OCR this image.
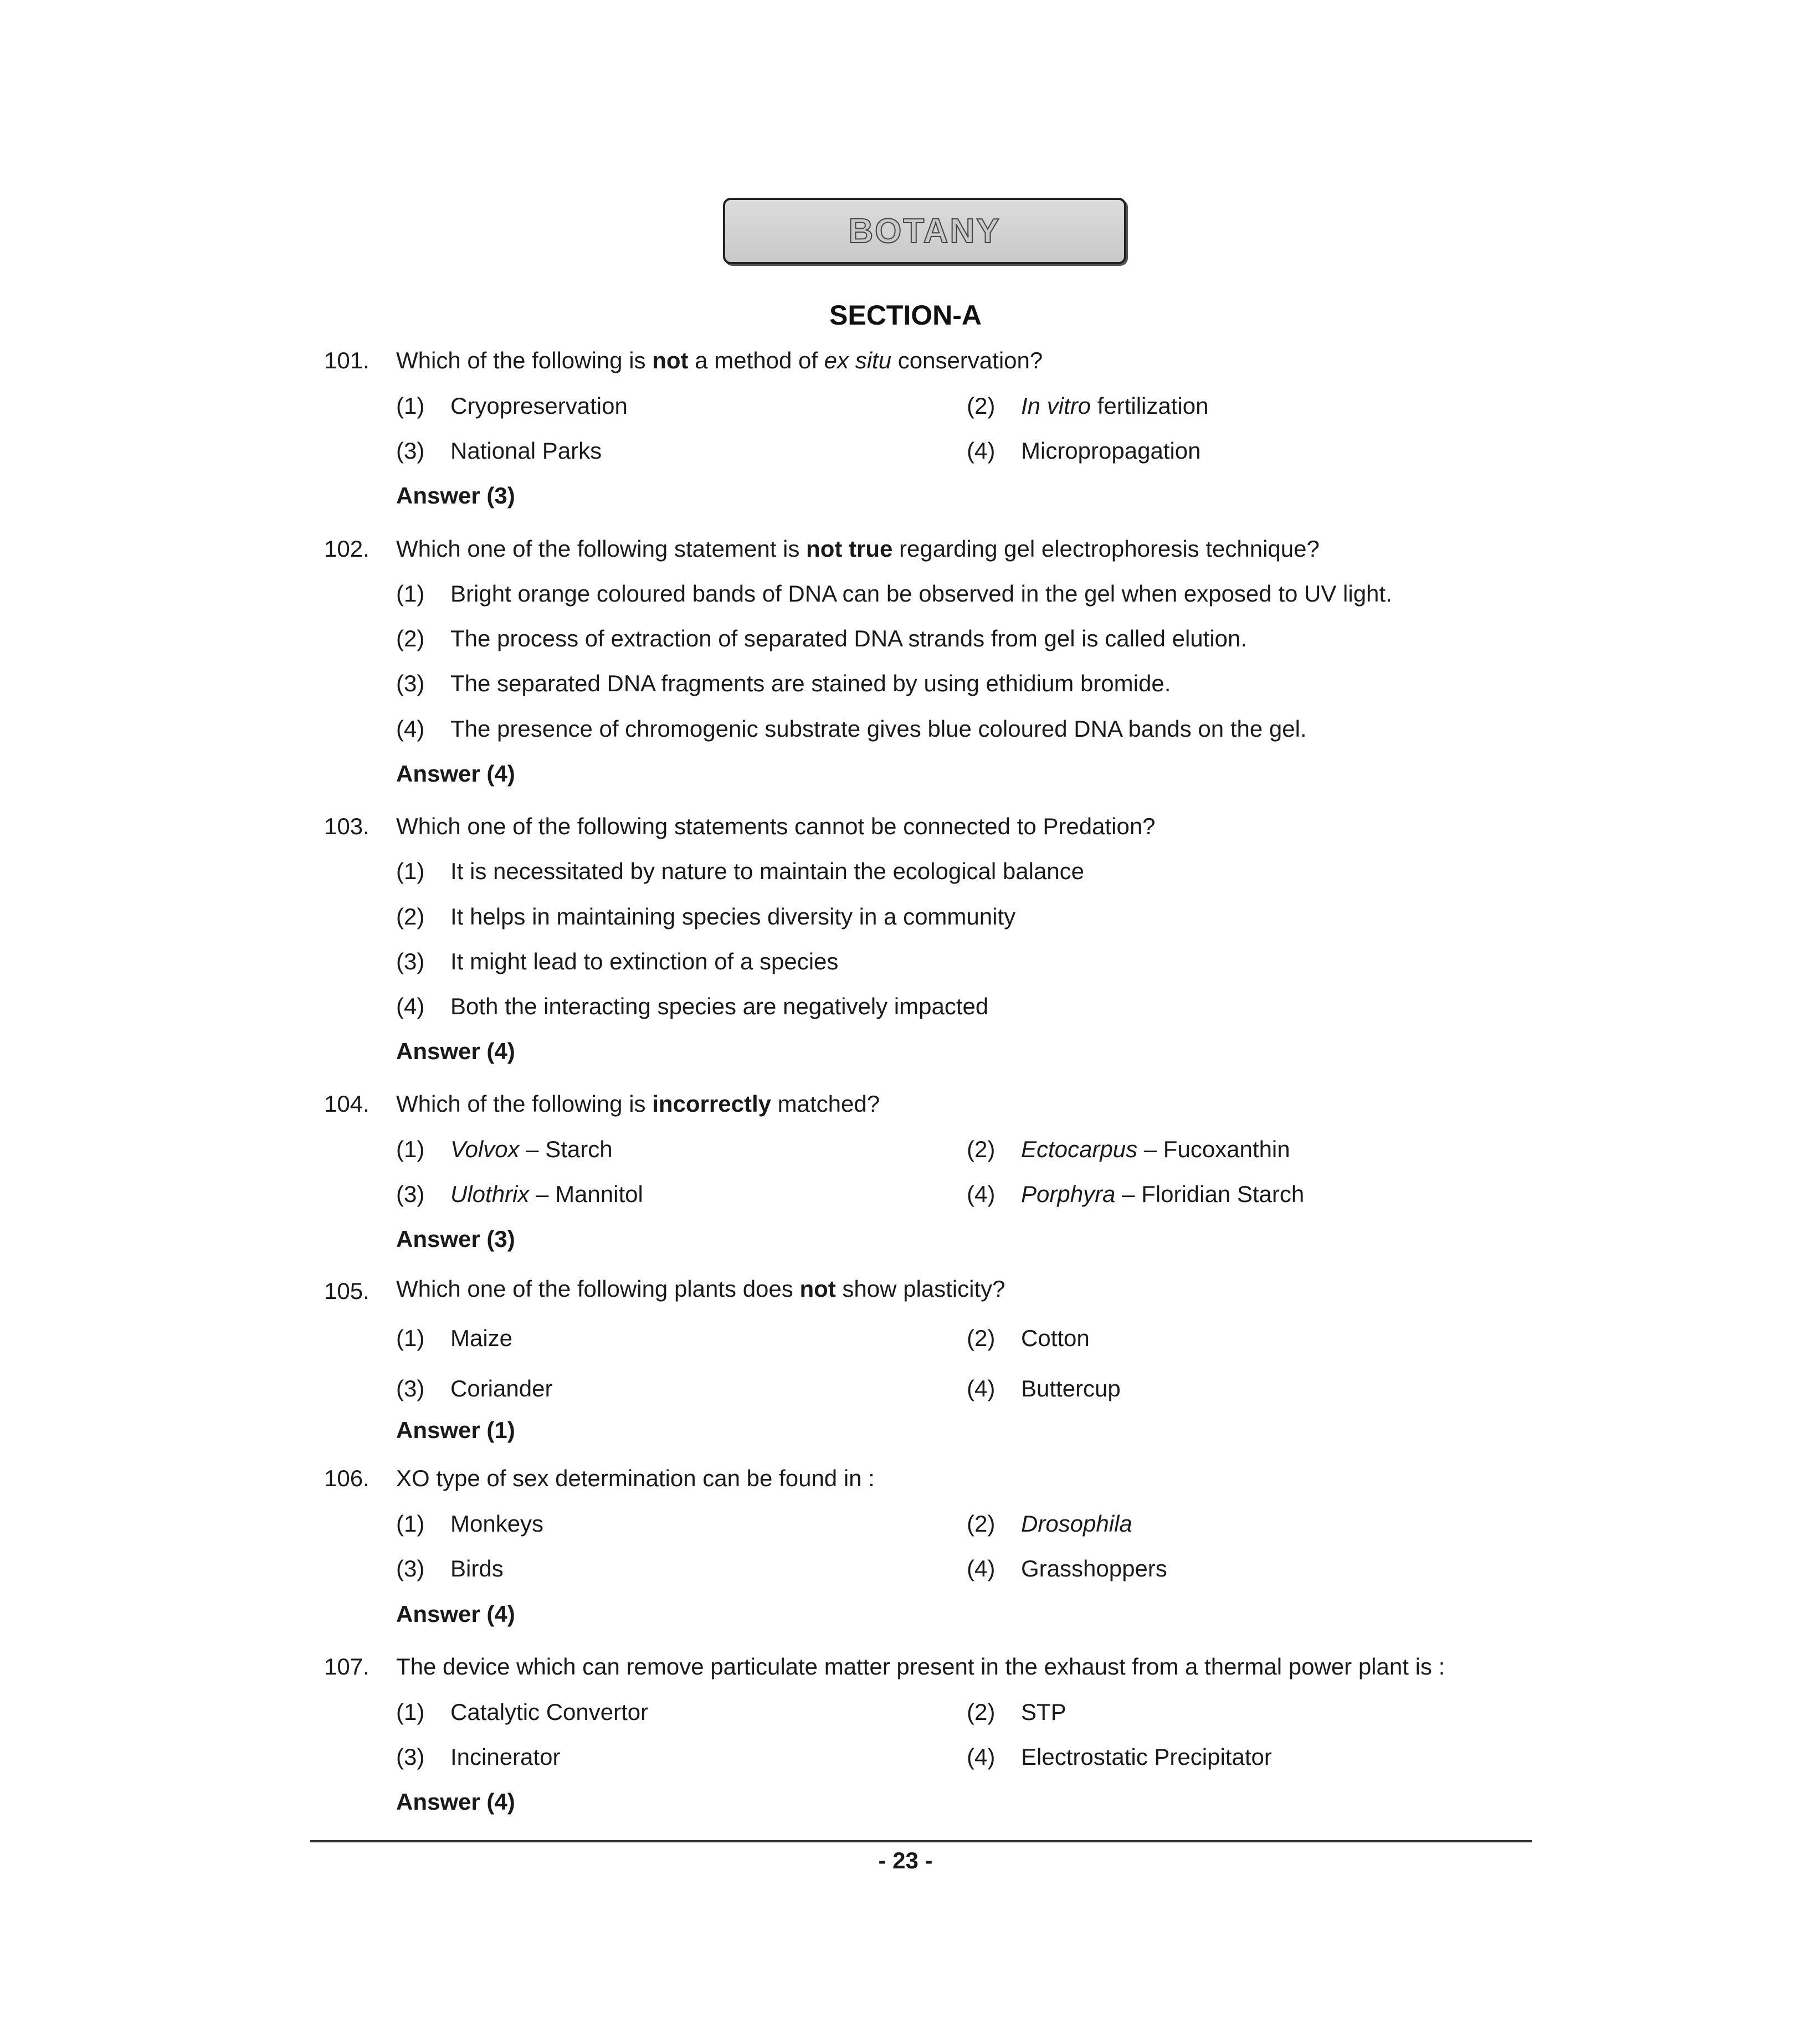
BOTANY
SECTION-A
101. Which of the following is not a method of ex situ conservation?
(1) Cryopreservation	(2) In vitro fertilization
(3) National Parks	(4) Micropropagation
Answer (3)
102. Which one of the following statement is not true regarding gel electrophoresis technique?
(1) Bright orange coloured bands of DNA can be observed in the gel when exposed to UV light.
(2) The process of extraction of separated DNA strands from gel is called elution.
(3) The separated DNA fragments are stained by using ethidium bromide.
(4) The presence of chromogenic substrate gives blue coloured DNA bands on the gel.
Answer (4)
103. Which one of the following statements cannot be connected to Predation?
(1) It is necessitated by nature to maintain the ecological balance
(2) It helps in maintaining species diversity in a community
(3) It might lead to extinction of a species
(4) Both the interacting species are negatively impacted
Answer (4)
104. Which of the following is incorrectly matched?
(1) Volvox – Starch	(2) Ectocarpus – Fucoxanthin
(3) Ulothrix – Mannitol	(4) Porphyra – Floridian Starch
Answer (3)
105. Which one of the following plants does not show plasticity?
(1) Maize	(2) Cotton
(3) Coriander	(4) Buttercup
Answer (1)
106. XO type of sex determination can be found in :
(1) Monkeys	(2) Drosophila
(3) Birds	(4) Grasshoppers
Answer (4)
107. The device which can remove particulate matter present in the exhaust from a thermal power plant is :
(1) Catalytic Convertor	(2) STP
(3) Incinerator	(4) Electrostatic Precipitator
Answer (4)
- 23 -
